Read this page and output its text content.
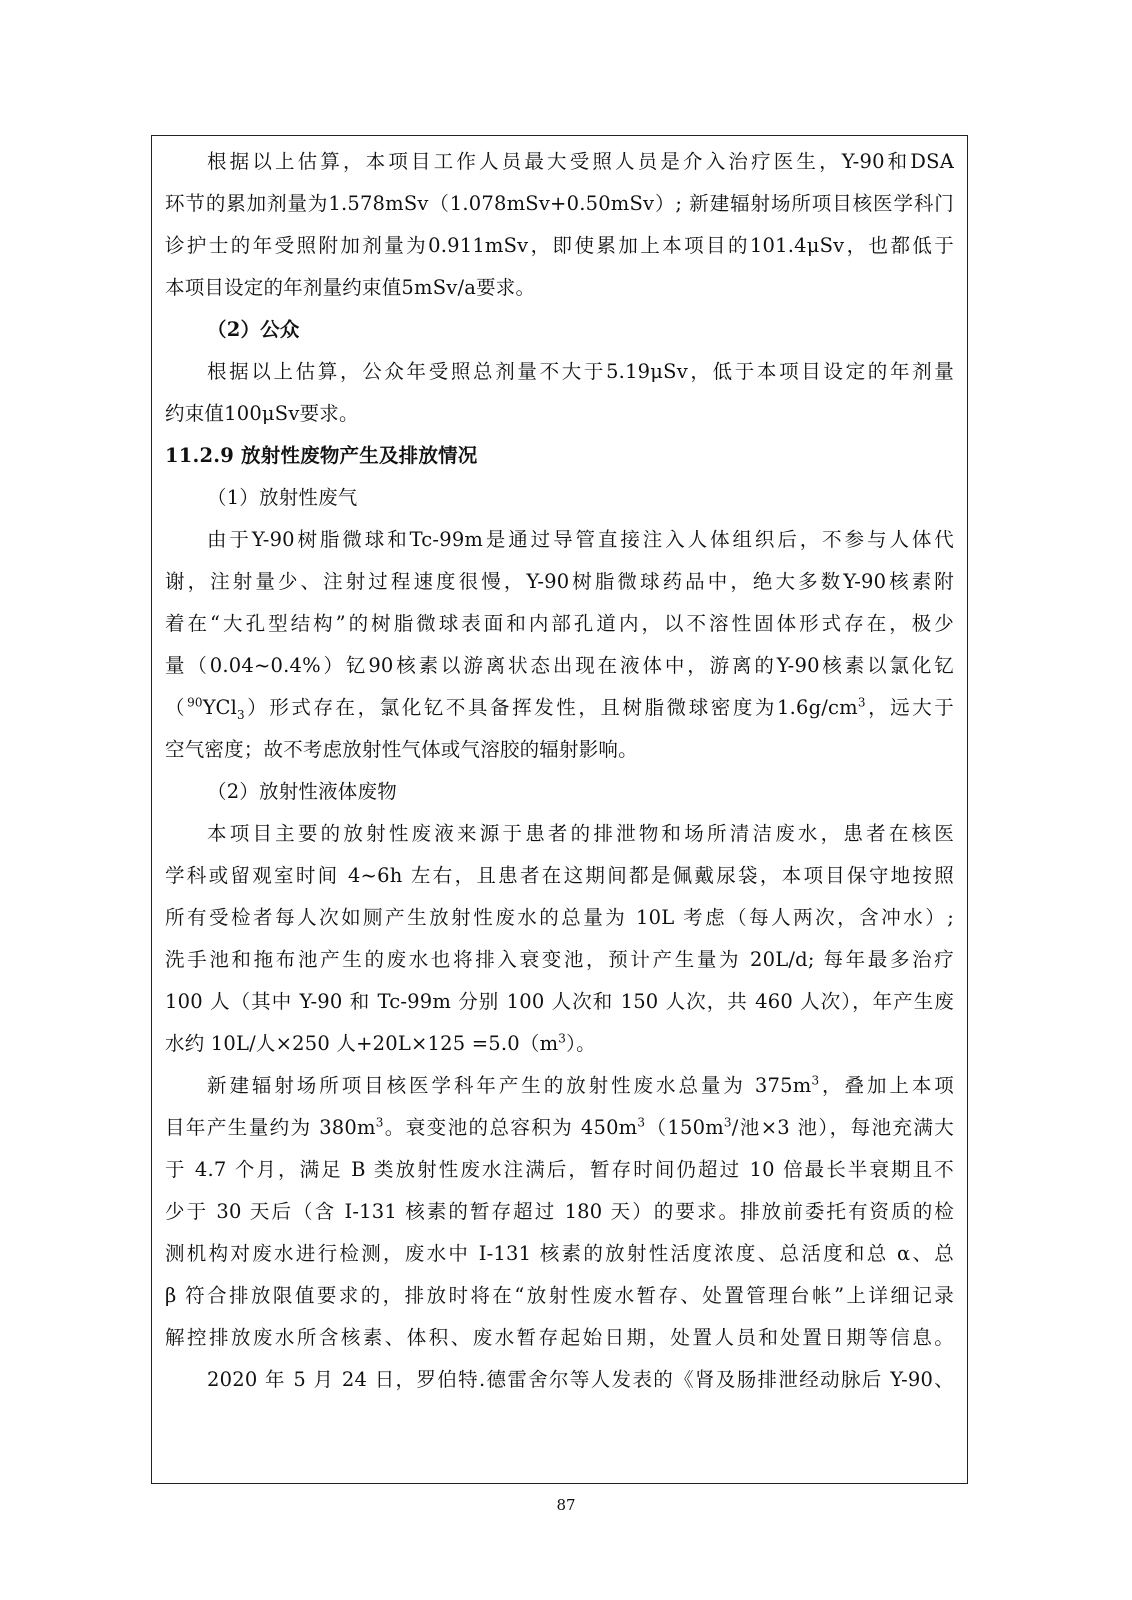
根据以上估算，本项目工作人员最大受照人员是介入治疗医生，Y-90和DSA
环节的累加剂量为1.578mSv（1.078mSv+0.50mSv）; 新建辐射场所项目核医学科门
诊护士的年受照附加剂量为0.911mSv，即使累加上本项目的101.4μSv，也都低于
本项目设定的年剂量约束值5mSv/a要求。
（2）公众
根据以上估算，公众年受照总剂量不大于5.19μSv，低于本项目设定的年剂量
约束值100μSv要求。
11.2.9 放射性废物产生及排放情况
（1）放射性废气
由于Y-90树脂微球和Tc-99m是通过导管直接注入人体组织后，不参与人体代
谢，注射量少、注射过程速度很慢，Y-90树脂微球药品中，绝大多数Y-90核素附
着在“大孔型结构”的树脂微球表面和内部孔道内，以不溶性固体形式存在，极少
量（0.04~0.4%）钇90核素以游离状态出现在液体中，游离的Y-90核素以氯化钇
（$^{90}$YCl$_3$）形式存在，氯化钇不具备挥发性，且树脂微球密度为$1.6g/cm^3$，远大于
空气密度；故不考虑放射性气体或气溶胶的辐射影响。
（2）放射性液体废物
本项目主要的放射性废液来源于患者的排泄物和场所清洁废水，患者在核医
学科或留观室时间 4~6h 左右，且患者在这期间都是佩戴尿袋，本项目保守地按照
所有受检者每人次如厕产生放射性废水的总量为 10L 考虑（每人两次，含冲水）;
洗手池和拖布池产生的废水也将排入衰变池，预计产生量为 20L/d; 每年最多治疗
100 人（其中 Y-90 和 Tc-99m 分别 100 人次和 150 人次，共 460 人次），年产生废
水约 10L/人×250 人$+20L\times 125 =5.0(m^3)$。
新建辐射场所项目核医学科年产生的放射性废水总量为 $375m^3$，叠加上本项
目年产生量约为 $380m^3$。衰变池的总容积为 $450m^3(150m^3/$池×3 池），每池充满大
于 4.7 个月，满足 B 类放射性废水注满后，暂存时间仍超过 10 倍最长半衰期且不
少于 30 天后（含 I-131 核素的暂存超过 180 天）的要求。排放前委托有资质的检
测机构对废水进行检测，废水中 I-131 核素的放射性活度浓度、总活度和总 α、总
β 符合排放限值要求的，排放时将在“放射性废水暂存、处置管理台帐”上详细记录
解控排放废水所含核素、体积、废水暂存起始日期，处置人员和处置日期等信息。
2020 年 5 月 24 日，罗伯特.德雷舍尔等人发表的《肾及肠排泄经动脉后 Y-90、
87
